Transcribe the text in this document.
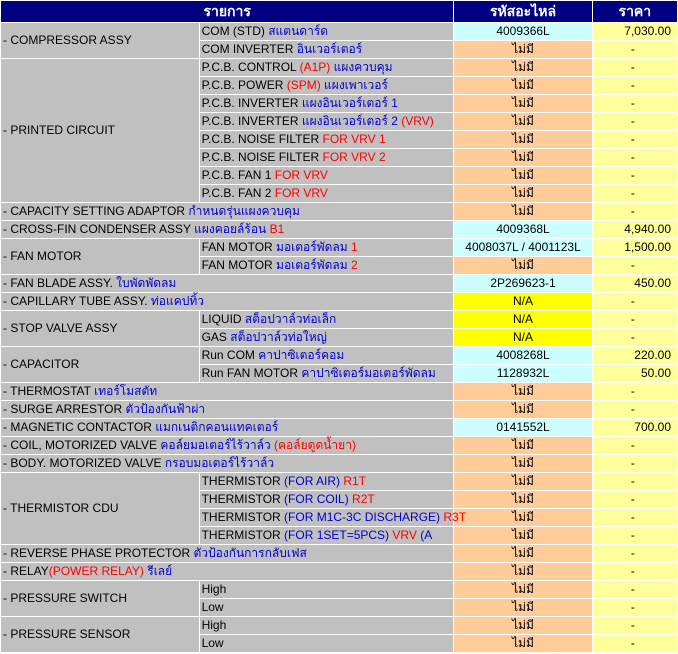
รายการ		รหัสอะไหล่	ราคา
- COMPRESSOR ASSY	COM (STD) สแตนดาร์ด	4009366L	7,030.00
	COM INVERTER อินเวอร์เตอร์	ไม่มี	-
- PRINTED CIRCUIT	P.C.B. CONTROL (A1P) แผงควบคุม	ไม่มี	-
	P.C.B. POWER (SPM) แผงเพาเวอร์	ไม่มี	-
	P.C.B. INVERTER แผงอินเวอร์เตอร์ 1	ไม่มี	-
	P.C.B. INVERTER แผงอินเวอร์เตอร์ 2 (VRV)	ไม่มี	-
	P.C.B. NOISE FILTER FOR VRV 1	ไม่มี	-
	P.C.B. NOISE FILTER FOR VRV 2	ไม่มี	-
	P.C.B. FAN 1 FOR VRV	ไม่มี	-
	P.C.B. FAN 2 FOR VRV	ไม่มี	-
- CAPACITY SETTING ADAPTOR กำหนดรุ่นแผงควบคุม		ไม่มี	-
- CROSS-FIN CONDENSER ASSY แผงคอยล์ร้อน B1		4009368L	4,940.00
- FAN MOTOR	FAN MOTOR มอเตอร์พัดลม 1	4008037L / 4001123L	1,500.00
	FAN MOTOR มอเตอร์พัดลม 2	ไม่มี	-
- FAN BLADE ASSY. ใบพัดพัดลม		2P269623-1	450.00
- CAPILLARY TUBE ASSY. ท่อแคปทิ้ว		N/A	-
- STOP VALVE ASSY	LIQUID สต็อปวาล์วท่อเล็ก	N/A	-
	GAS สต็อปวาล์วท่อใหญ่	N/A	-
- CAPACITOR	Run COM คาปาซิเตอร์คอม	4008268L	220.00
	Run FAN MOTOR คาปาซิเตอร์มอเตอร์พัดลม	1128932L	50.00
- THERMOSTAT เทอร์โมสตัท		ไม่มี	-
- SURGE ARRESTOR ตัวป้องกันฟ้าผ่า		ไม่มี	-
- MAGNETIC CONTACTOR แมกเนติกคอนแทคเตอร์		0141552L	700.00
- COIL, MOTORIZED VALVE คอล์ยมอเตอร์ไร้วาล์ว (คอล์ยดูดน้ำยา)		ไม่มี	-
- BODY. MOTORIZED VALVE กรอบมอเตอร์ไร้วาล์ว		ไม่มี	-
- THERMISTOR CDU	THERMISTOR (FOR AIR) R1T	ไม่มี	-
	THERMISTOR (FOR COIL) R2T	ไม่มี	-
	THERMISTOR (FOR M1C-3C DISCHARGE) R3T	ไม่มี	-
	THERMISTOR (FOR 1SET=5PCS) VRV (A	ไม่มี	-
- REVERSE PHASE PROTECTOR ตัวป้องกันการกลับเฟส		ไม่มี	-
- RELAY(POWER RELAY) รีเลย์		ไม่มี	-
- PRESSURE SWITCH	High	ไม่มี	-
	Low	ไม่มี	-
- PRESSURE SENSOR	High	ไม่มี	-
	Low	ไม่มี	-
